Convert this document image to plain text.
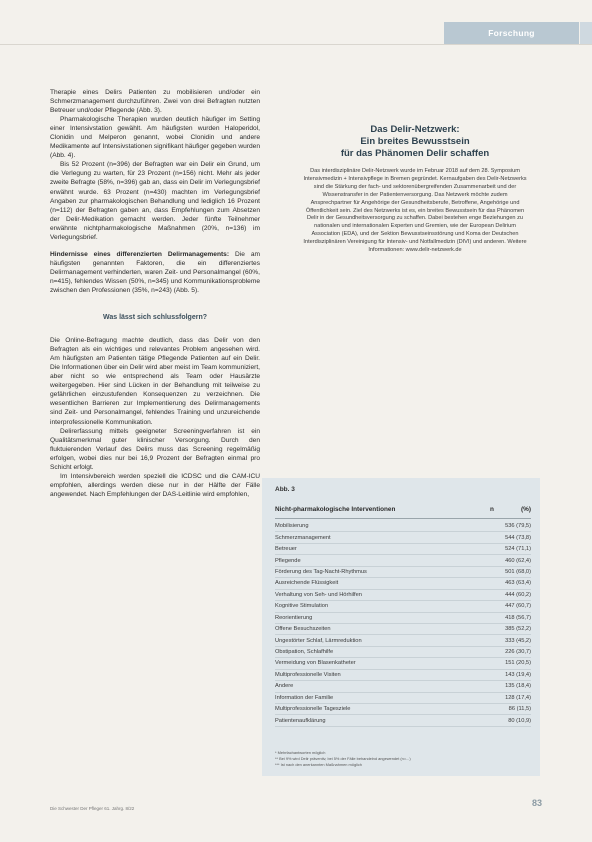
Forschung

Therapie eines Delirs Patienten zu mobilisieren und/oder ein Schmerzmanagement durchzuführen. Zwei von drei Befragten nutzten Betreuer und/oder Pflegende (Abb. 3).

Pharmakologische Therapien wurden deutlich häufiger im Setting einer Intensivstation gewählt. Am häufigsten wurden Haloperidol, Clonidin und Melperon genannt, wobei Clonidin und andere Medikamente auf Intensivstationen signifikant häufiger gegeben wurden (Abb. 4).

Bis 52 Prozent (n=396) der Befragten war ein Delir ein Grund, um die Verlegung zu warten, für 23 Prozent (n=156) nicht. Mehr als jeder zweite Befragte (58%, n=396) gab an, dass ein Delir im Verlegungsbrief erwähnt wurde. 63 Prozent (n=430) machten im Verlegungsbrief Angaben zur pharmakologischen Behandlung und lediglich 16 Prozent (n=112) der Befragten gaben an, dass Empfehlungen zum Absetzen der Delir-Medikation gemacht werden. Jeder fünfte Teilnehmer erwähnte nichtpharmakologische Maßnahmen (20%, n=136) im Verlegungsbrief.

Hindernisse eines differenzierten Delirmanagements: Die am häufigsten genannten Faktoren, die ein differenziertes Delirmanagement verhinderten, waren Zeit- und Personalmangel (60%, n=415), fehlendes Wissen (50%, n=345) und Kommunikationsprobleme zwischen den Professionen (35%, n=243) (Abb. 5).

Was lässt sich schlussfolgern?

Die Online-Befragung machte deutlich, dass das Delir von den Befragten als ein wichtiges und relevantes Problem angesehen wird. Am häufigsten am Patienten tätige Pflegende Patienten auf ein Delir. Die Informationen über ein Delir wird aber meist im Team kommuniziert, aber nicht so wie entsprechend als Team oder Hausärzte weitergegeben. Hier sind Lücken in der Behandlung mit teilweise zu gefährlichen einzustufenden Konsequenzen zu verzeichnen. Die wesentlichen Barrieren zur Implementierung des Delirmanagements sind Zeit- und Personalmangel, fehlendes Training und unzureichende interprofessionelle Kommunikation.

Delirerfassung mittels geeigneter Screeningverfahren ist ein Qualitätsmerkmal guter klinischer Versorgung. Durch den fluktuierenden Verlauf des Delirs muss das Screening regelmäßig erfolgen, wobei dies nur bei 16,9 Prozent der Befragten einmal pro Schicht erfolgt.

Im Intensivbereich werden speziell die ICDSC und die CAM-ICU empfohlen, allerdings werden diese nur in der Hälfte der Fälle angewendet. Nach Empfehlungen der DAS-Leitlinie wird empfohlen,

Das Delir-Netzwerk:
Ein breites Bewusstsein
für das Phänomen Delir schaffen

Das interdisziplinäre Delir-Netzwerk wurde im Februar 2018 auf dem 28. Symposium Intensivmedizin + Intensivpflege in Bremen gegründet. Kernaufgaben des Delir-Netzwerks sind die Stärkung der fach- und sektorenübergreifenden Zusammenarbeit und der Wissenstransfer in der Patientenversorgung. Das Netzwerk möchte zudem Ansprechpartner für Angehörige der Gesundheitsberufe, Betroffene, Angehörige und Öffentlichkeit sein. Ziel des Netzwerks ist es, ein breites Bewusstsein für das Phänomen Delir in der Gesundheitsversorgung zu schaffen. Dabei bestehen enge Beziehungen zu nationalen und internationalen Experten und Gremien, wie der European Delirium Association (EDA), und der Sektion Bewusstseinsstörung und Koma der Deutschen Interdisziplinären Vereinigung für Intensiv- und Notfallmedizin (DIVI) und anderen. Weitere Informationen: www.delir-netzwerk.de

Abb. 3
Nicht-pharmakologische Interventionen	n	(%)
Mobilisierung	536 (79,5)
Schmerzmanagement	544 (73,8)
Betreuer	524 (71,1)
Pflegende	460 (62,4)
Förderung des Tag-Nacht-Rhythmus	501 (68,0)
Ausreichende Flüssigkeit	463 (63,4)
Verhaltung von Seh- und Hörhilfen	444 (60,2)
Kognitive Stimulation	447 (60,7)
Reorientierung	418 (56,7)
Offene Besuchszeiten	385 (52,2)
Ungestörter Schlaf, Lärmreduktion	333 (45,2)
Obstipation, Schlafhilfe	226 (30,7)
Vermeidung von Blasenkatheter	151 (20,5)
Multiprofessionelle Visiten	143 (19,4)
Andere	135 (18,4)
Information der Familie	128 (17,4)
Multiprofessionelle Tagesziele	86 (11,5)
Patientenaufklärung	80 (10,9)
* Mehrfachantworten möglich
** Bei 9% wird Delir präventiv, bei 5% der Fälle behandelnd angewendet (n=...)
*** Ist nach den anerkannten Maßnahmen möglich
Die Schwester Der Pfleger 61. Jahrg. 8/22
83
